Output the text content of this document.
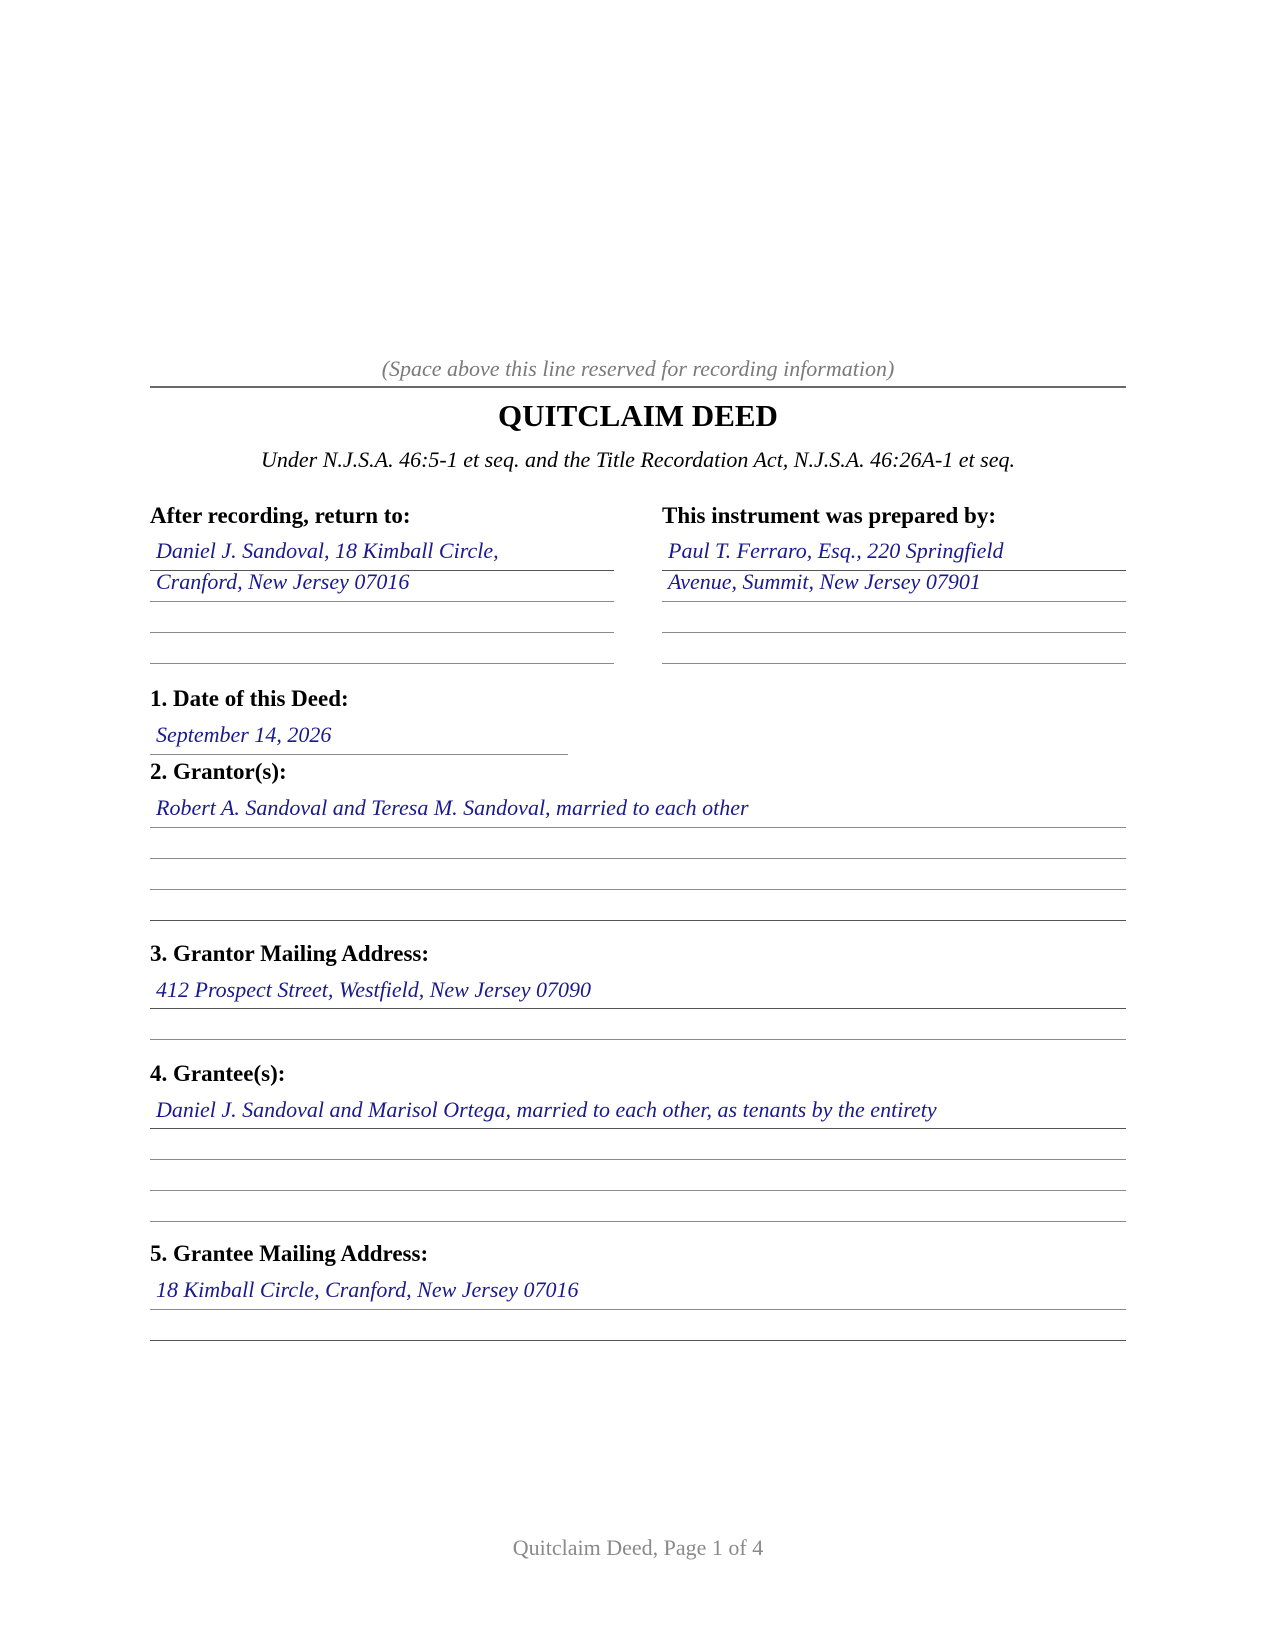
(Space above this line reserved for recording information)
QUITCLAIM DEED
Under N.J.S.A. 46:5-1 et seq. and the Title Recordation Act, N.J.S.A. 46:26A-1 et seq.
After recording, return to:
Daniel J. Sandoval, 18 Kimball Circle,
Cranford, New Jersey 07016
This instrument was prepared by:
Paul T. Ferraro, Esq., 220 Springfield
Avenue, Summit, New Jersey 07901
1. Date of this Deed:
September 14, 2026
2. Grantor(s):
Robert A. Sandoval and Teresa M. Sandoval, married to each other
3. Grantor Mailing Address:
412 Prospect Street, Westfield, New Jersey 07090
4. Grantee(s):
Daniel J. Sandoval and Marisol Ortega, married to each other, as tenants by the entirety
5. Grantee Mailing Address:
18 Kimball Circle, Cranford, New Jersey 07016
Quitclaim Deed, Page 1 of 4
